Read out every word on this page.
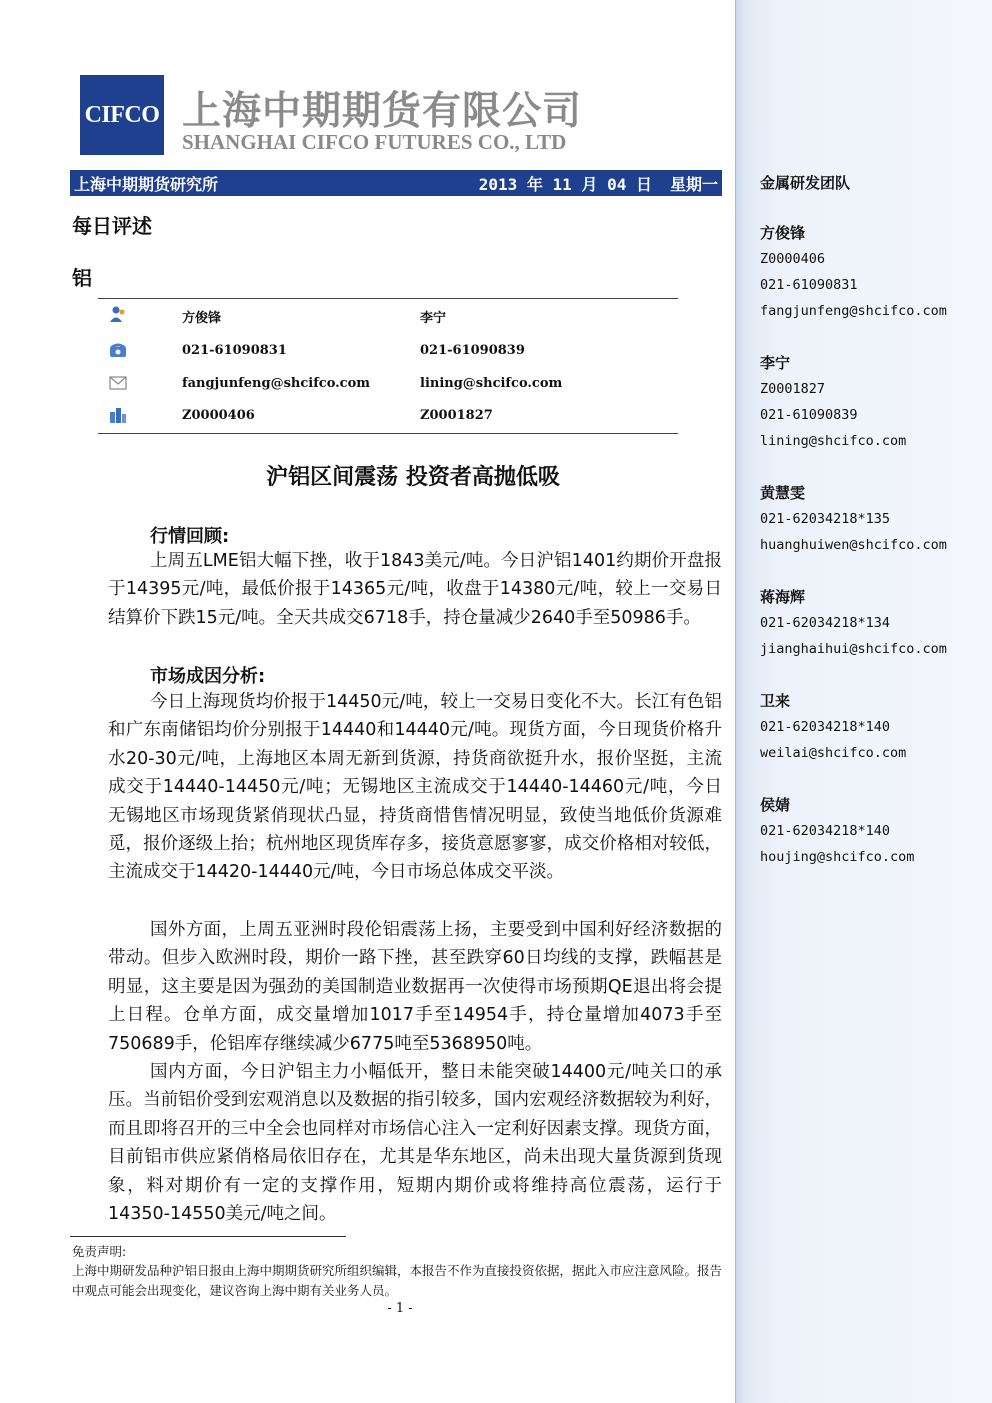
CIFCO 上海中期期货有限公司
SHANGHAI CIFCO FUTURES CO., LTD
上海中期期货研究所	2013 年 11 月 04 日 星期一
每日评述
铝
方俊锋	李宁
021-61090831	021-61090839
fangjunfeng@shcifco.com	lining@shcifco.com
Z0000406	Z0001827
沪铝区间震荡 投资者高抛低吸
行情回顾:
上周五LME铝大幅下挫，收于1843美元/吨。今日沪铝1401约期价开盘报于14395元/吨，最低价报于14365元/吨，收盘于14380元/吨，较上一交易日结算价下跌15元/吨。全天共成交6718手，持仓量减少2640手至50986手。
市场成因分析:
今日上海现货均价报于14450元/吨，较上一交易日变化不大。长江有色铝和广东南储铝均价分别报于14440和14440元/吨。现货方面，今日现货价格升水20-30元/吨，上海地区本周无新到货源，持货商欲挺升水，报价坚挺，主流成交于14440-14450元/吨；无锡地区主流成交于14440-14460元/吨，今日无锡地区市场现货紧俏现状凸显，持货商惜售情况明显，致使当地低价货源难觅，报价逐级上抬；杭州地区现货库存多，接货意愿寥寥，成交价格相对较低，主流成交于14420-14440元/吨，今日市场总体成交平淡。
国外方面，上周五亚洲时段伦铝震荡上扬，主要受到中国利好经济数据的带动。但步入欧洲时段，期价一路下挫，甚至跌穿60日均线的支撑，跌幅甚是明显，这主要是因为强劲的美国制造业数据再一次使得市场预期QE退出将会提上日程。仓单方面，成交量增加1017手至14954手，持仓量增加4073手至750689手，伦铝库存继续减少6775吨至5368950吨。
国内方面，今日沪铝主力小幅低开，整日未能突破14400元/吨关口的承压。当前铝价受到宏观消息以及数据的指引较多，国内宏观经济数据较为利好，而且即将召开的三中全会也同样对市场信心注入一定利好因素支撑。现货方面，目前铝市供应紧俏格局依旧存在，尤其是华东地区，尚未出现大量货源到货现象，料对期价有一定的支撑作用，短期内期价或将维持高位震荡，运行于14350-14550美元/吨之间。
免责声明:
上海中期研发品种沪铝日报由上海中期期货研究所组织编辑，本报告不作为直接投资依据，据此入市应注意风险。报告中观点可能会出现变化，建议咨询上海中期有关业务人员。
- 1 -
金属研发团队
方俊锋
Z0000406
021-61090831
fangjunfeng@shcifco.com
李宁
Z0001827
021-61090839
lining@shcifco.com
黄慧雯
021-62034218*135
huanghuiwen@shcifco.com
蒋海辉
021-62034218*134
jianghaihui@shcifco.com
卫来
021-62034218*140
weilai@shcifco.com
侯婧
021-62034218*140
houjing@shcifco.com
